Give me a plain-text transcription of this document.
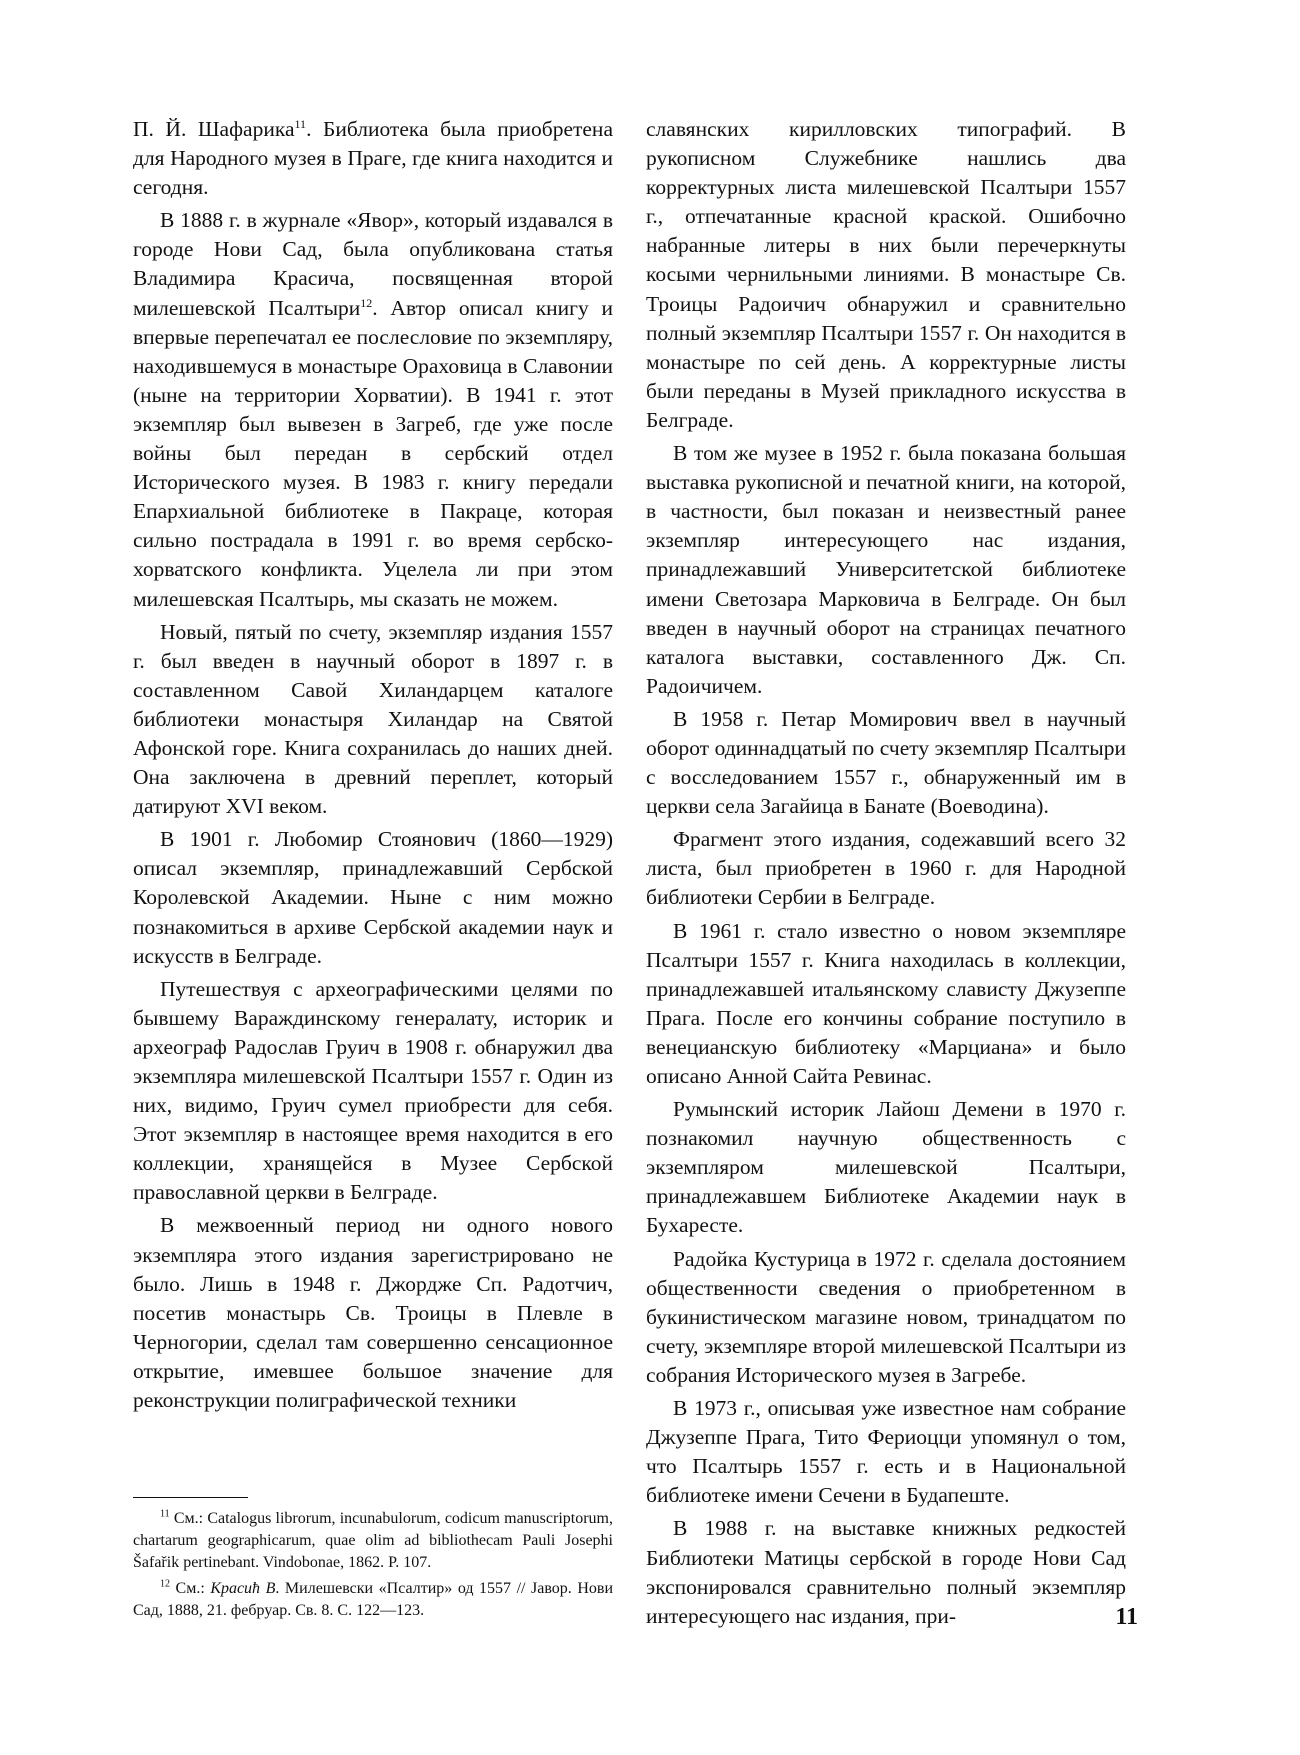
П. Й. Шафарика$^{11}$. Библиотека была приобретена для Народного музея в Праге, где книга находится и сегодня.

В 1888 г. в журнале «Явор», который издавался в городе Нови Сад, была опубликована статья Владимира Красича, посвященная второй милешевской Псалтыри$^{12}$. Автор описал книгу и впервые перепечатал ее послесловие по экземпляру, находившемуся в монастыре Ораховица в Славонии (ныне на территории Хорватии). В 1941 г. этот экземпляр был вывезен в Загреб, где уже после войны был передан в сербский отдел Исторического музея. В 1983 г. книгу передали Епархиальной библиотеке в Пакраце, которая сильно пострадала в 1991 г. во время сербско-хорватского конфликта. Уцелела ли при этом милешевская Псалтырь, мы сказать не можем.

Новый, пятый по счету, экземпляр издания 1557 г. был введен в научный оборот в 1897 г. в составленном Савой Хиландарцем каталоге библиотеки монастыря Хиландар на Святой Афонской горе. Книга сохранилась до наших дней. Она заключена в древний переплет, который датируют XVI веком.

В 1901 г. Любомир Стоянович (1860—1929) описал экземпляр, принадлежавший Сербской Королевской Академии. Ныне с ним можно познакомиться в архиве Сербской академии наук и искусств в Белграде.

Путешествуя с археографическими целями по бывшему Вараждинскому генералату, историк и археограф Радослав Груич в 1908 г. обнаружил два экземпляра милешевской Псалтыри 1557 г. Один из них, видимо, Груич сумел приобрести для себя. Этот экземпляр в настоящее время находится в его коллекции, хранящейся в Музее Сербской православной церкви в Белграде.

В межвоенный период ни одного нового экземпляра этого издания зарегистрировано не было. Лишь в 1948 г. Джордже Сп. Радотчич, посетив монастырь Св. Троицы в Плевле в Черногории, сделал там совершенно сенсационное открытие, имевшее большое значение для реконструкции полиграфической техники

славянских кирилловских типографий. В рукописном Служебнике нашлись два корректурных листа милешевской Псалтыри 1557 г., отпечатанные красной краской. Ошибочно набранные литеры в них были перечеркнуты косыми чернильными линиями. В монастыре Св. Троицы Радоичич обнаружил и сравнительно полный экземпляр Псалтыри 1557 г. Он находится в монастыре по сей день. А корректурные листы были переданы в Музей прикладного искусства в Белграде.

В том же музее в 1952 г. была показана большая выставка рукописной и печатной книги, на которой, в частности, был показан и неизвестный ранее экземпляр интересующего нас издания, принадлежавший Университетской библиотеке имени Светозара Марковича в Белграде. Он был введен в научный оборот на страницах печатного каталога выставки, составленного Дж. Сп. Радоичичем.

В 1958 г. Петар Момирович ввел в научный оборот одиннадцатый по счету экземпляр Псалтыри с восследованием 1557 г., обнаруженный им в церкви села Загайица в Банате (Воеводина).

Фрагмент этого издания, содежавший всего 32 листа, был приобретен в 1960 г. для Народной библиотеки Сербии в Белграде.

В 1961 г. стало известно о новом экземпляре Псалтыри 1557 г. Книга находилась в коллекции, принадлежавшей итальянскому слависту Джузеппе Прага. После его кончины собрание поступило в венецианскую библиотеку «Марциана» и было описано Анной Сайта Ревинас.

Румынский историк Лайош Демени в 1970 г. познакомил научную общественность с экземпляром милешевской Псалтыри, принадлежавшем Библиотеке Академии наук в Бухаресте.

Радойка Кустурица в 1972 г. сделала достоянием общественности сведения о приобретенном в букинистическом магазине новом, тринадцатом по счету, экземпляре второй милешевской Псалтыри из собрания Исторического музея в Загребе.

В 1973 г., описывая уже известное нам собрание Джузеппе Прага, Тито Фериоцци упомянул о том, что Псалтырь 1557 г. есть и в Национальной библиотеке имени Сечени в Будапеште.

В 1988 г. на выставке книжных редкостей Библиотеки Матицы сербской в городе Нови Сад экспонировался сравнительно полный экземпляр интересующего нас издания, при-

$^{11}$ См.: Catalogus librorum, incunabulorum, codicum manuscriptorum, chartarum geographicarum, quae olim ad bibliothecam Pauli Josephi Šafařik pertinebant. Vindobonae, 1862. P. 107.

$^{12}$ См.: Красић В. Милешевски «Псалтир» од 1557 // Јавор. Нови Сад, 1888, 21. фебруар. Св. 8. С. 122—123.	11
